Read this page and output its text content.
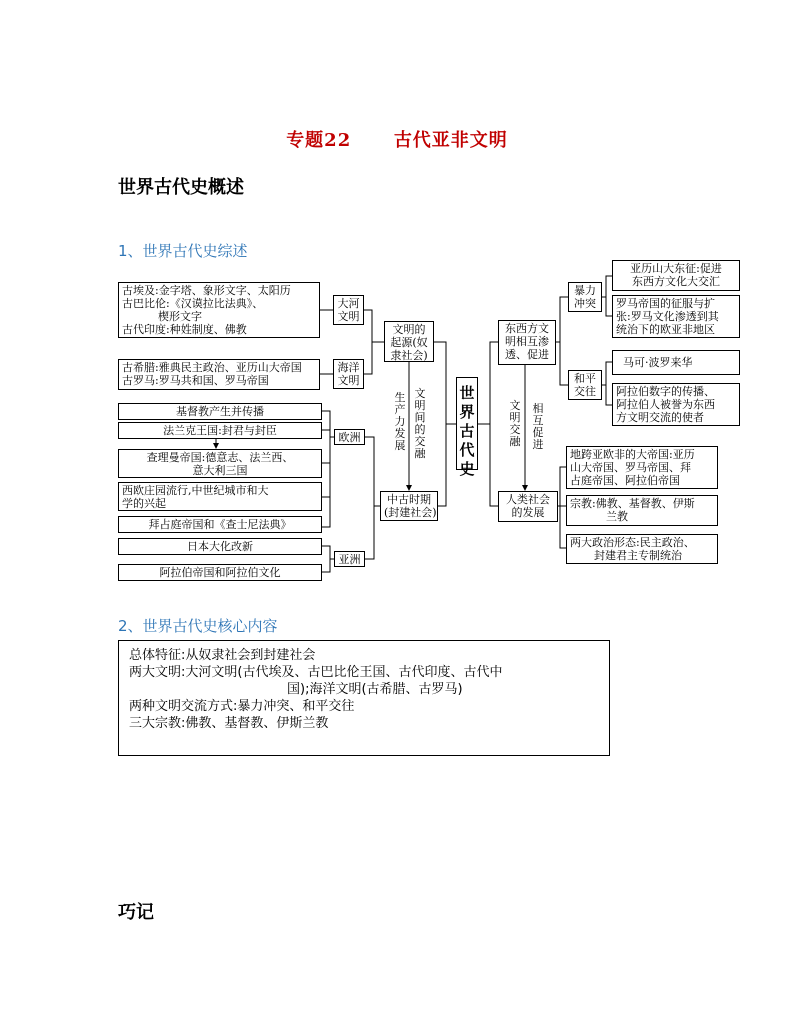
专题22 古代亚非文明
世界古代史概述
1、世界古代史综述
古埃及:金字塔、象形文字、太阳历
古巴比伦:《汉谟拉比法典》、
楔形文字
古代印度:种姓制度、佛教
大河
文明
古希腊:雅典民主政治、亚历山大帝国
古罗马:罗马共和国、罗马帝国
海洋
文明
文明的
起源(奴
隶社会)
生产力发展
文明间的交融
基督教产生并传播
法兰克王国:封君与封臣
查理曼帝国:德意志、法兰西、
意大利三国
西欧庄园流行,中世纪城市和大
学的兴起
拜占庭帝国和《查士尼法典》
欧洲
日本大化改新
阿拉伯帝国和阿拉伯文化
亚洲
中古时期
(封建社会)
世界古代史
东西方文
明相互渗
透、促进
文明交融
相互促进
人类社会
的发展
暴力
冲突
和平
交往
亚历山大东征:促进
东西方文化大交汇
罗马帝国的征服与扩
张:罗马文化渗透到其
统治下的欧亚非地区
马可·波罗来华
阿拉伯数字的传播、
阿拉伯人被誉为东西
方文明交流的使者
地跨亚欧非的大帝国:亚历
山大帝国、罗马帝国、拜
占庭帝国、阿拉伯帝国
宗教:佛教、基督教、伊斯
兰教
两大政治形态:民主政治、
封建君主专制统治
2、世界古代史核心内容
总体特征:从奴隶社会到封建社会
两大文明:大河文明(古代埃及、古巴比伦王国、古代印度、古代中
国);海洋文明(古希腊、古罗马)
两种文明交流方式:暴力冲突、和平交往
三大宗教:佛教、基督教、伊斯兰教
巧记
